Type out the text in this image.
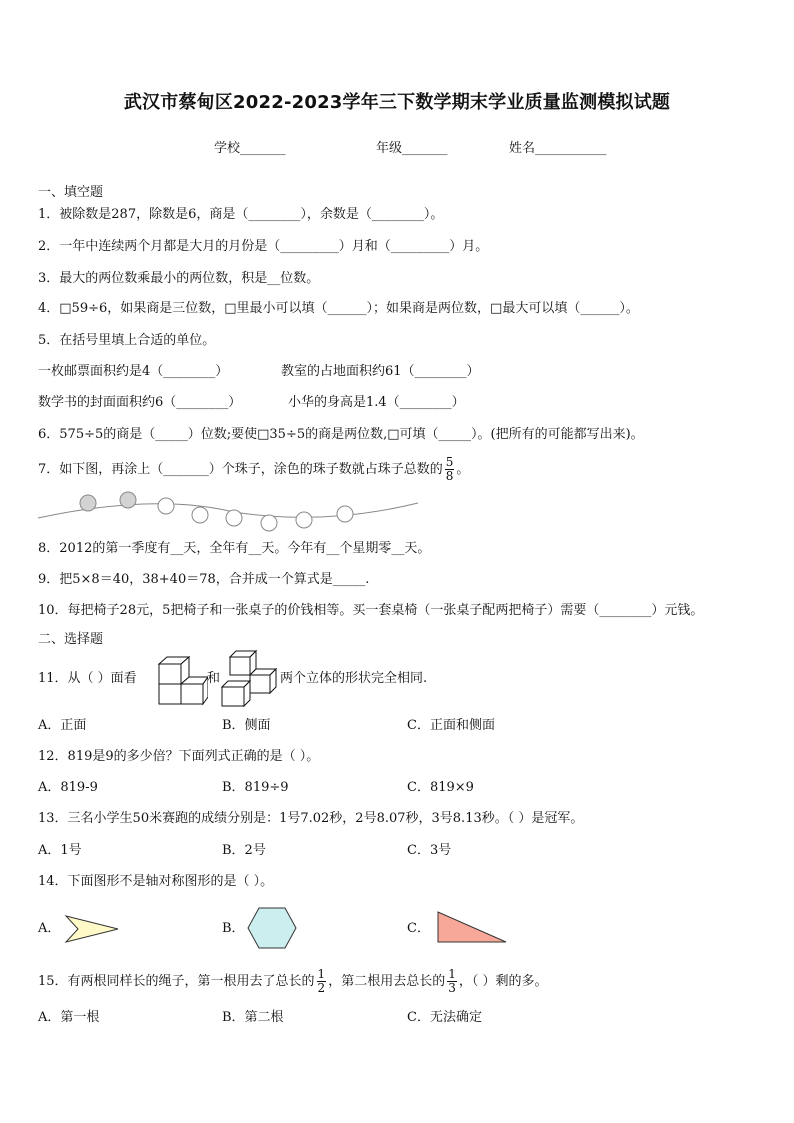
武汉市蔡甸区2022-2023学年三下数学期末学业质量监测模拟试题
学校_______	年级_______	姓名___________
一、填空题
1．被除数是287，除数是6，商是（________），余数是（________）。
2．一年中连续两个月都是大月的月份是（_________）月和（_________）月。
3．最大的两位数乘最小的两位数，积是__位数。
4．□59÷6，如果商是三位数，□里最小可以填（______）；如果商是两位数，□最大可以填（______）。
5．在括号里填上合适的单位。
一枚邮票面积约是4（________）	教室的占地面积约61（________）
数学书的封面面积约6（________）	小华的身高是1.4（________）
6．575÷5的商是（_____）位数;要使□35÷5的商是两位数,□可填（_____）。(把所有的可能都写出来)。
7．如下图，再涂上（_______）个珠子，涂色的珠子数就占珠子总数的 $\frac{5}{8}$ 。
8．2012的第一季度有__天，全年有__天。今年有__个星期零__天。
9．把5×8＝40，38+40＝78，合并成一个算式是_____.
10．每把椅子28元，5把椅子和一张桌子的价钱相等。买一套桌椅（一张桌子配两把椅子）需要（________）元钱。
二、选择题
11．从（ ）面看	和	两个立体的形状完全相同.
A．正面	B．侧面	C．正面和侧面
12．819是9的多少倍？下面列式正确的是（ ）。
A．819-9	B．819÷9	C．819×9
13．三名小学生50米赛跑的成绩分别是：1号7.02秒，2号8.07秒，3号8.13秒。（ ）是冠军。
A．1号	B．2号	C．3号
14．下面图形不是轴对称图形的是（ ）。
A．	B．	C．
15．有两根同样长的绳子，第一根用去了总长的 $\frac{1}{2}$ ，第二根用去总长的 $\frac{1}{3}$ ，（ ）剩的多。
A．第一根	B．第二根	C．无法确定
